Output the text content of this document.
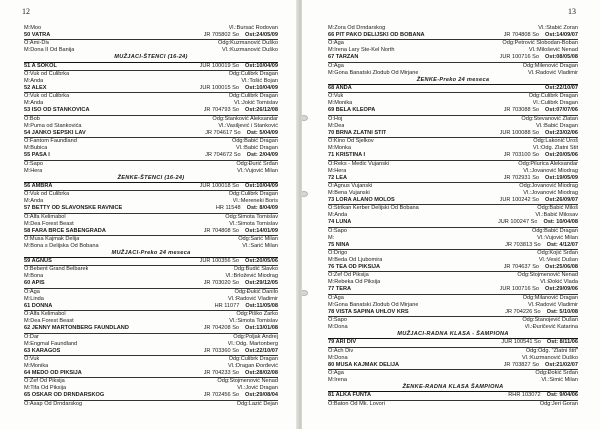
12
M:Moo	Vl.:Bursać Rodovan
50 VATRA	JR 705802 Šo Ost:24/05/09
O:Ami-Div	Odg:Kuzmanović Duško
M:Dona II Od Banija	Vl.:Kuzmanović Duško
MUŽJACI-ŠTENCI (16-24)
51 A SOKOL	JUR 100019 Šo Ost:10/04/09
O:Vuk od Ćulibrka	Odg:Ćulibrk Dragan
M:Anda	Vl.:Tošić Bojan
52 ALEX	JUR 100015 Šo Ost:10/04/09
O:Vuk od Ćulibrka	Odg:Ćulibrk Dragan
M:Anda	Vl.:Jokić Tomislav
53 ISO OD STANKOVIĆA	JR 704793 Šo Ost:26/12/08
O:Bob	Odg:Stanković Aleksandar
M:Puma od Stankovića	Vl.:Vasiljević i Stanković
54 JANKO ŠEPSKI LAV	JR 704617 Šo Ost: 5/04/09
O:Fantom Faundland	Odg:Babić Dragan
M:Bubica	Vl.:Babić Dragan
55 PAŠA I	JR 704672 Šo Ost: 2/04/09
O:Šapo	Odg:Đurić Srđan
M:Hera	Vl.:Vujović Milan
ŽENKE-ŠTENCI (16-24)
56 AMBRA	JUR 100018 Šo Ost:10/04/09
O:Vuk od Ćulibrka	Odg:Ćulibrk Dragan
M:Anda	Vl.:Mereneki Boris
57 BETTY OD SLAVONSKE RAVNICE	HR 11548 Ost: 8/04/09
O:Alfa Kelimabol	Odg:Simota Tomislav
M:Dea Forest Beast	Vl.:Simota Tomislav
58 FARA BRCE ŠABENGRADA	JR 704808 Šo Ost:14/01/09
O:Musa Kajmak Delija	Odg:Šarić Milan
M:Bona s Delijska Od Bobana	Vl.:Šarić Milan
MUŽJACI-Preko 24 meseca
59 AGNUS	JUR 100356 Šo Ost:20/05/06
O:Bebent Grand Belbarek	Odg:Budić Slavko
M:Bona	Vl.:Brložević Miodrag
60 APIS	JR 703020 Šo Ost:29/12/05
O:Aga	Odg:Đukić Danilo
M:Linda	Vl.:Radović Vladimir
61 DONNA	HR 11077 Ost:11/05/08
O:Alfa Kelimabol	Odg:Piško Zarko
M:Dea Forest Beast	Vl.:Simota Tomislav
62 JENNY MARTONBERG FAUNDLAND	JR 704208 Šo Ost:13/01/08
O:Dar	Odg:Poljak Andrej
M:Engmal Faundland	Vl.:Odg. Martonberg
63 KARAGOŠ	JR 703360 Šo Ost:22/10/07
O:Vuk	Odg:Ćulibrk Dragan
M:Monika	Vl.:Dragan Đorđević
64 MEDO OD PIKSIJA	JR 704233 Šo Ost:28/02/08
O:Zef Od Piksija	Odg:Stojmenović Nenad
M:Tifa Od Piksija	Vl.:Jović Dragan
65 OSKAR OD DRNDARSKOG	JR 702456 Šo Ost:29/08/04
O:Asap Od Drndarskog	Odg:Lazić Dejan
13
M:Zora Od Drndarskog	Vl.:Stabić Zoran
66 PIT PAKO DELIJSKI OD BOBANA	JR 704808 Šo Ost:14/09/07
O:Aga	Odg:Petrović Slobodan-Boban
M:Irena Lary Ste-Kel North	Vl.:Milošević Nenad
67 TARZAN	JUR 100716 Šo Ost:08/05/08
O:Aga	Odg:Milenović Dragan
M:Gona Banatski Zlodub Od Mirjane	Vl.:Radović Vladimir
ŽENKE-Preko 24 meseca
68 ANDA	Ost:22/10/07
O:Vuk	Odg:Ćulibrk Dragan
M:Monika	Vl.:Ćulibrk Dragan
69 BELA KLEOPA	JR 703088 Šo Ost:07/07/06
O:Hoj	Odg:Stevanović Zlatan
M:Dea	Vl.:Babić Dragan
70 BRNA ZLATNI ŠTIT	JUR 100088 Šo Ost:23/02/06
O:Kino Od Sjelkov	Odg:Lakonić Uroš
M:Monka	Vl.:Odg. Zlatni Štit
71 KRISTINA I	JR 703100 Šo Ost:20/05/06
O:Reks - Medic Vujanski	Odg:Pilurica Aleksandar
M:Hera	Vl.:Jovanović Miodrag
72 LEA	JR 702931 Šo Ost:19/05/09
O:Agnus Vujanski	Odg:Jovanović Miodrag
M:Bena Vujanski	Vl.:Jovanović Miodrag
73 LORA ALANO MOLOS	JUR 100242 Šo Ost:26/09/07
O:Strikan Kerber Delijski Od Bobana	Odg:Babić Miloš
M:Anda	Vl.:Babić Milosav
74 LUNA	JUR 100247 Šo Ost: 10/04/08
O:Šapo	Odg:Babić Dragan
M:	Vl.:Vujović Milan
75 NINA	JR 703813 Šo Ost: 4/12/07
O:Drigo	Odg:Kojić Srđan
M:Beda Od Ljubomira	Vl.:Vesić Dušan
76 TEA OD PIKSIJA	JR 704637 Šo Ost:25/06/08
O:Zef Od Piksija	Odg:Stojmenović Nenad
M:Rebeka Od Piksija	Vl.:Đokić Vlada
77 TERA	JUR 100716 Šo Ost:29/09/06
O:Aga	Odg:Milanović Dragan
M:Gona Banatski Zlodub Od Mirjane	Vl.:Radović Vladimir
78 VIŠTA ŠAPINA UHLOV KRS	JR 704226 Šo Ost: 5/10/08
O:Šapo	Odg:Stanojević Dušan
M:Dona	Vl.:Đuričević Katarina
MUŽJACI-RADNA KLASA - ŠAMPIONA
79 ARI DIV	JUR 100541 Šo Ost: 8/11/06
O:Ach Div	Odg:Odg. "Zlatni štit"
M:Dona	Vl.:Kuzmanović Duško
80 MUSA KAJMAK DELIJA	JR 703827 Šo Ost:21/02/07
O:Aga	Odg:Đokić Srđan
M:Irena	Vl.:Šimić Milan
ŽENKE-RADNA KLASA ŠAMPIONA
81 ALKA FUNTA	RHR 103072 Ost: 9/04/06
O:Baton Od Mk. Lovori	Odg:Jeri Goran
